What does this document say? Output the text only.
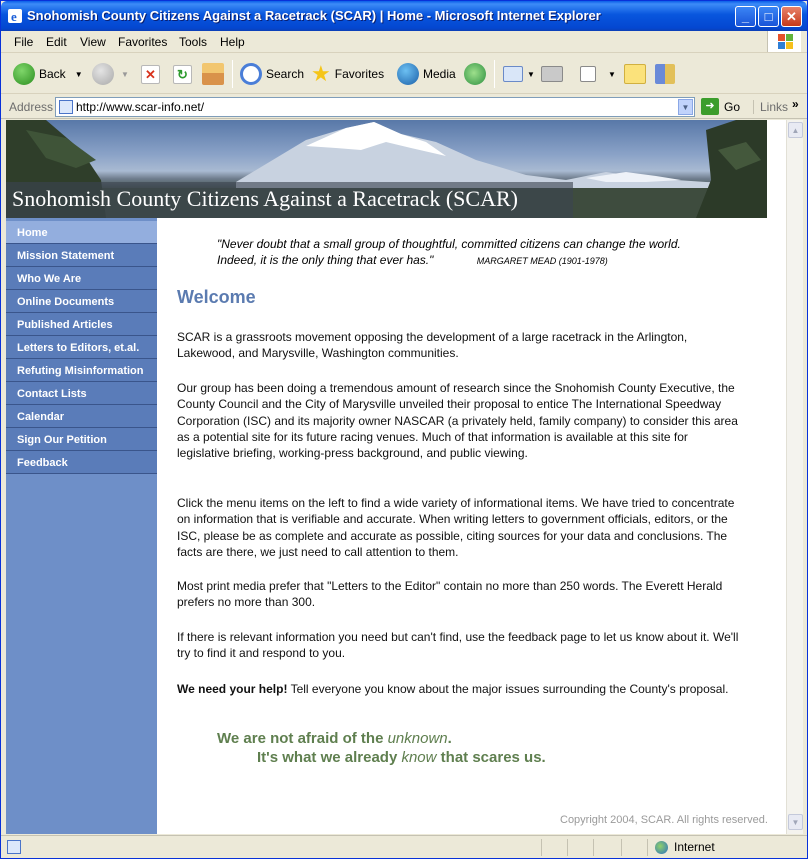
e Snohomish County Citizens Against a Racetrack (SCAR) | Home - Microsoft Internet Explorer	_	□	✕
File Edit View Favorites Tools Help
Back ▼	▼	✕	↻	Search ★ Favorites	Media	▼	▼
Address	http://www.scar-info.net/	▼	➜ Go	Links »
Snohomish County Citizens Against a Racetrack (SCAR)
Home
Mission Statement
Who We Are
Online Documents
Published Articles
Letters to Editors, et.al.
Refuting Misinformation
Contact Lists
Calendar
Sign Our Petition
Feedback
"Never doubt that a small group of thoughtful, committed citizens can change the world. Indeed, it is the only thing that ever has."	MARGARET MEAD (1901-1978)
Welcome

SCAR is a grassroots movement opposing the development of a large racetrack in the Arlington, Lakewood, and Marysville, Washington communities.

Our group has been doing a tremendous amount of research since the Snohomish County Executive, the County Council and the City of Marysville unveiled their proposal to entice The International Speedway Corporation (ISC) and its majority owner NASCAR (a privately held, family company) to consider this area as a potential site for its future racing venues. Much of that information is available at this site for legislative briefing, working-press background, and public viewing.

Click the menu items on the left to find a wide variety of informational items. We have tried to concentrate on information that is verifiable and accurate. When writing letters to government officials, editors, or the ISC, please be as complete and accurate as possible, citing sources for your data and conclusions. The facts are there, we just need to call attention to them.

Most print media prefer that "Letters to the Editor" contain no more than 250 words. The Everett Herald prefers no more than 300.

If there is relevant information you need but can't find, use the feedback page to let us know about it. We'll try to find it and respond to you.

We need your help! Tell everyone you know about the major issues surrounding the County's proposal.

We are not afraid of the unknown.
It's what we already know that scares us.
Copyright 2004, SCAR. All rights reserved.
▲
▼
Internet
